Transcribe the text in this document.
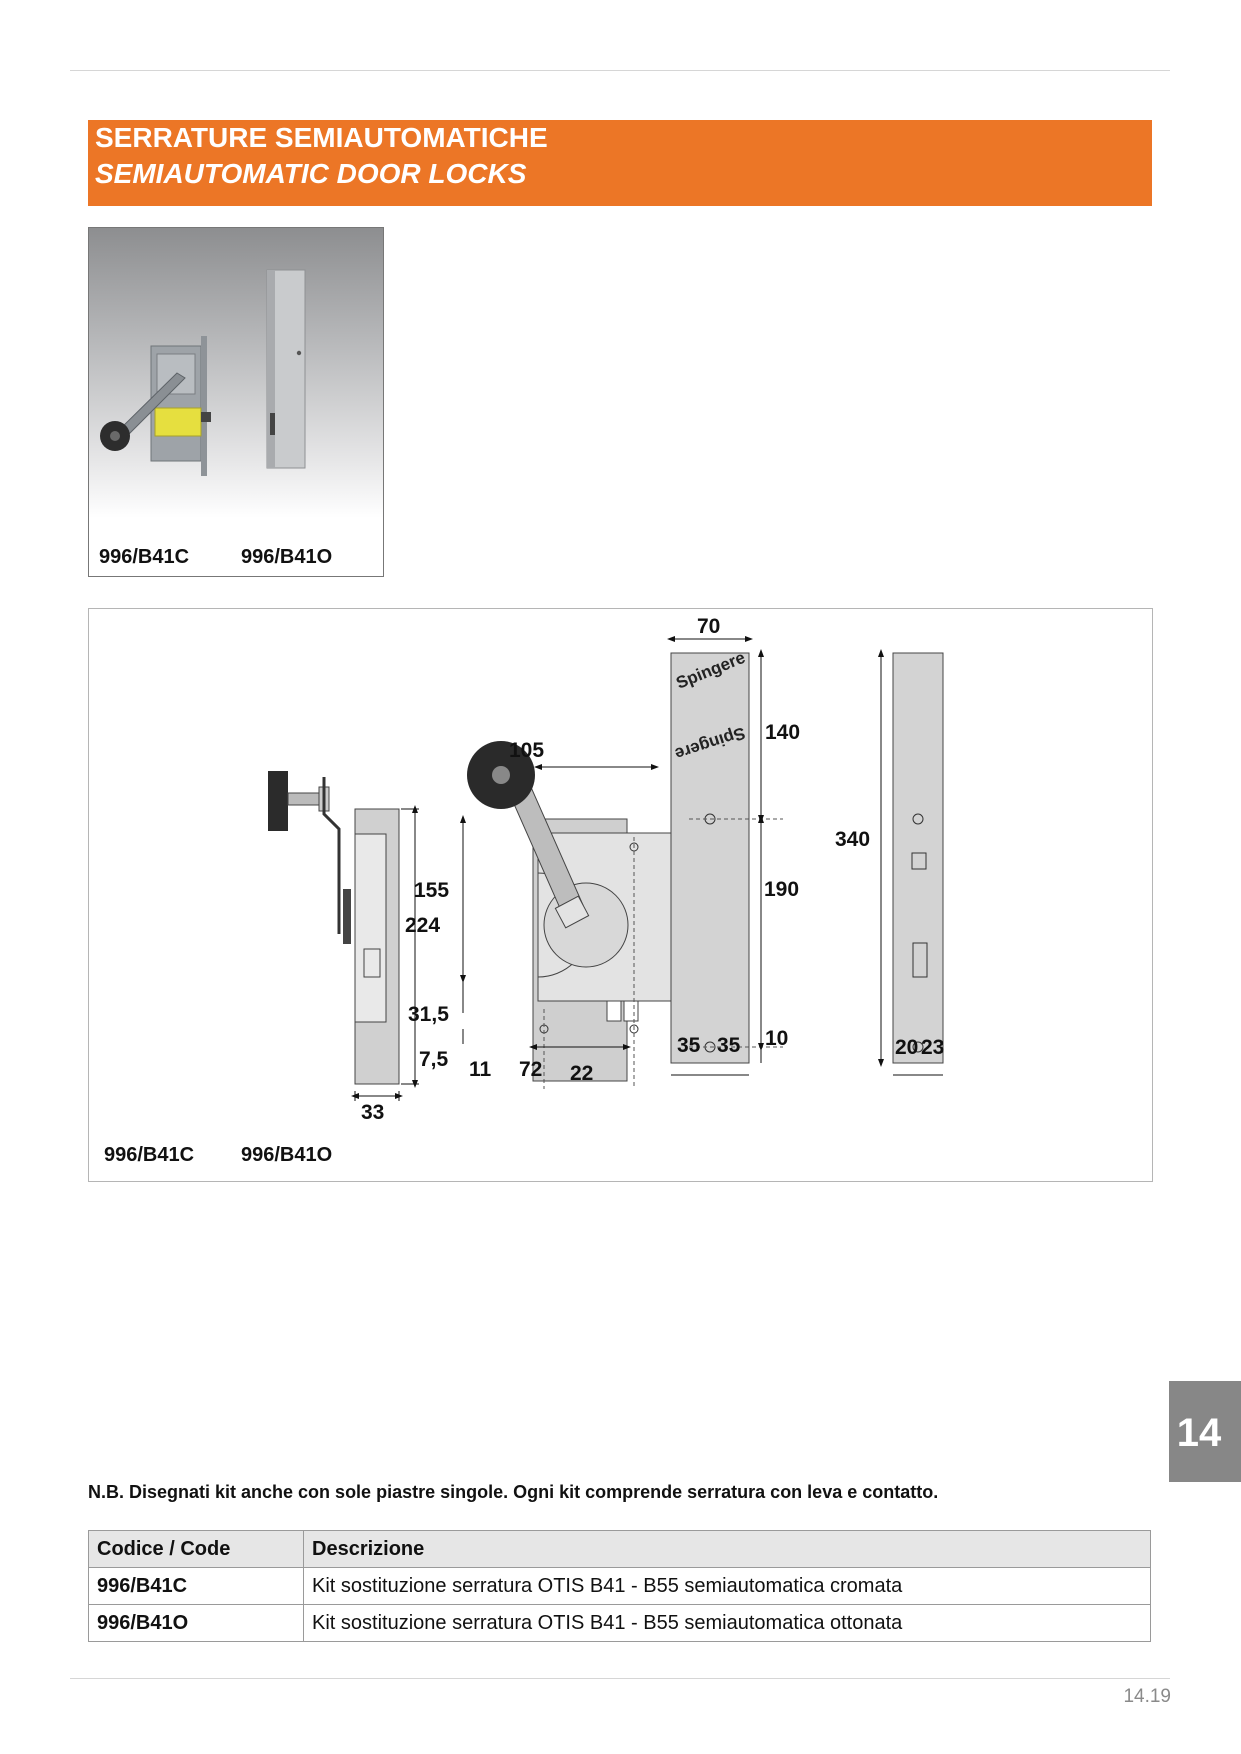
SERRATURE SEMIAUTOMATICHE
SEMIAUTOMATIC DOOR LOCKS
996/B41C	996/B41O
224
33
105
155
31,5
7,5 11 72 22
Spingere
Spingere
70
140
190
10
35 35
340
20 23
996/B41C 996/B41O
14
N.B. Disegnati kit anche con sole piastre singole. Ogni kit comprende serratura con leva e contatto.
Codice / Code	Descrizione
996/B41C	Kit sostituzione serratura OTIS B41 - B55 semiautomatica cromata
996/B41O	Kit sostituzione serratura OTIS B41 - B55 semiautomatica ottonata
14.19
